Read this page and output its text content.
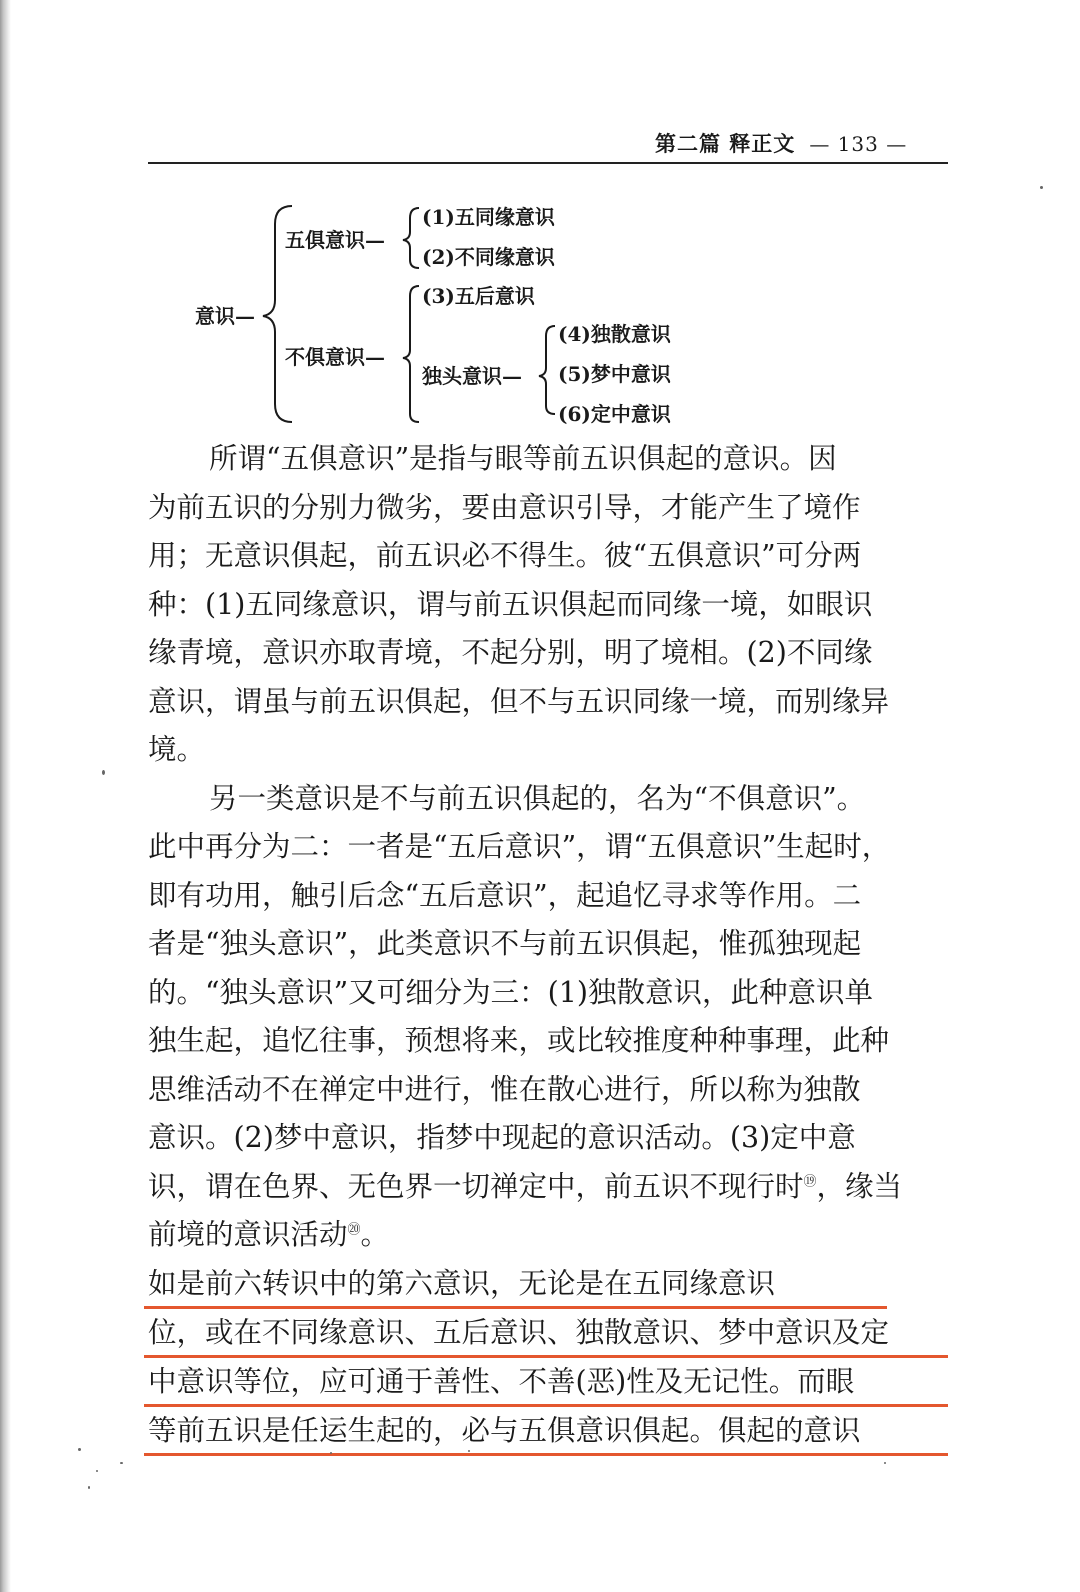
第二篇 释正文 — 133 —
意识—
五俱意识—
(1)五同缘意识
(2)不同缘意识
不俱意识—
(3)五后意识
独头意识—
(4)独散意识
(5)梦中意识
(6)定中意识
所谓“五俱意识”是指与眼等前五识俱起的意识。因
为前五识的分别力微劣，要由意识引导，才能产生了境作
用；无意识俱起，前五识必不得生。彼“五俱意识”可分两
种：(1)五同缘意识，谓与前五识俱起而同缘一境，如眼识
缘青境，意识亦取青境，不起分别，明了境相。(2)不同缘
意识，谓虽与前五识俱起，但不与五识同缘一境，而别缘异
境。
另一类意识是不与前五识俱起的，名为“不俱意识”。
此中再分为二：一者是“五后意识”，谓“五俱意识”生起时，
即有功用，触引后念“五后意识”，起追忆寻求等作用。二
者是“独头意识”，此类意识不与前五识俱起，惟孤独现起
的。“独头意识”又可细分为三：(1)独散意识，此种意识单
独生起，追忆往事，预想将来，或比较推度种种事理，此种
思维活动不在禅定中进行，惟在散心进行，所以称为独散
意识。(2)梦中意识，指梦中现起的意识活动。(3)定中意
识，谓在色界、无色界一切禅定中，前五识不现行时⑲，缘当
前境的意识活动⑳。
如是前六转识中的第六意识，无论是在五同缘意识
位，或在不同缘意识、五后意识、独散意识、梦中意识及定
中意识等位，应可通于善性、不善(恶)性及无记性。而眼
等前五识是任运生起的，必与五俱意识俱起。俱起的意识
